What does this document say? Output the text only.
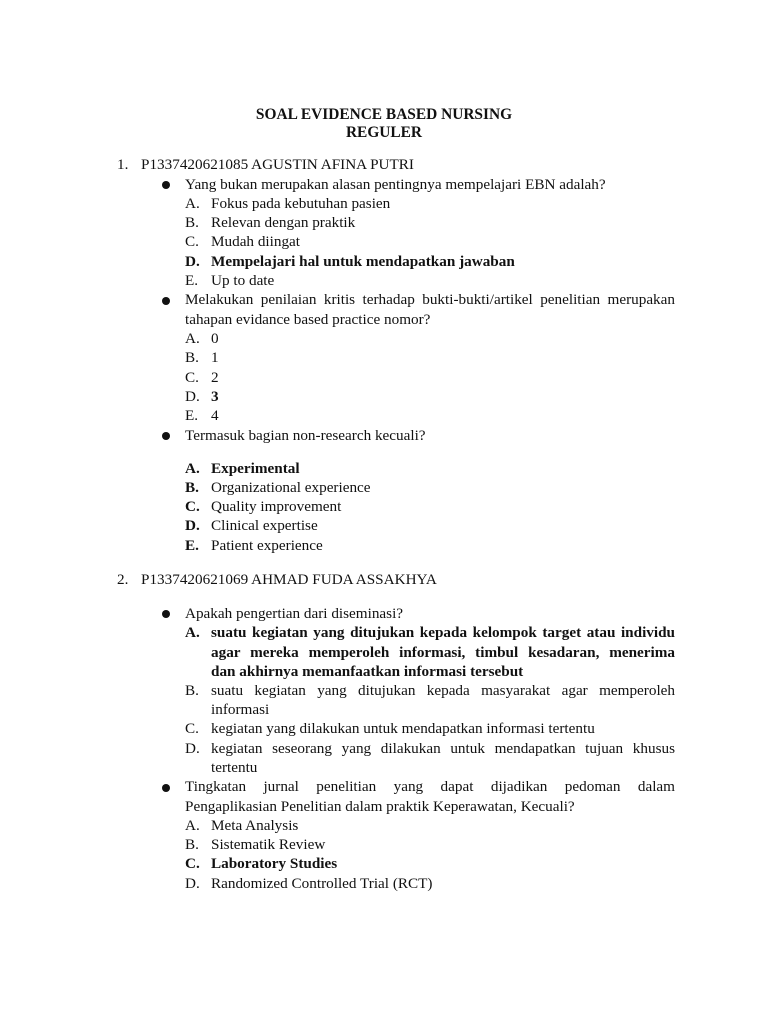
SOAL EVIDENCE BASED NURSING
REGULER
1. P1337420621085 AGUSTIN AFINA PUTRI
Yang bukan merupakan alasan pentingnya mempelajari EBN adalah?
A. Fokus pada kebutuhan pasien
B. Relevan dengan praktik
C. Mudah diingat
D. Mempelajari hal untuk mendapatkan jawaban
E. Up to date
Melakukan penilaian kritis terhadap bukti-bukti/artikel penelitian merupakan
tahapan evidance based practice nomor?
A. 0
B. 1
C. 2
D. 3
E. 4
Termasuk bagian non-research kecuali?
A. Experimental
B. Organizational experience
C. Quality improvement
D. Clinical expertise
E. Patient experience
2. P1337420621069 AHMAD FUDA ASSAKHYA
Apakah pengertian dari diseminasi?
A. suatu kegiatan yang ditujukan kepada kelompok target atau individu
agar mereka memperoleh informasi, timbul kesadaran, menerima
dan akhirnya memanfaatkan informasi tersebut
B. suatu kegiatan yang ditujukan kepada masyarakat agar memperoleh
informasi
C. kegiatan yang dilakukan untuk mendapatkan informasi tertentu
D. kegiatan seseorang yang dilakukan untuk mendapatkan tujuan khusus
tertentu
Tingkatan jurnal penelitian yang dapat dijadikan pedoman dalam
Pengaplikasian Penelitian dalam praktik Keperawatan, Kecuali?
A. Meta Analysis
B. Sistematik Review
C. Laboratory Studies
D. Randomized Controlled Trial (RCT)
